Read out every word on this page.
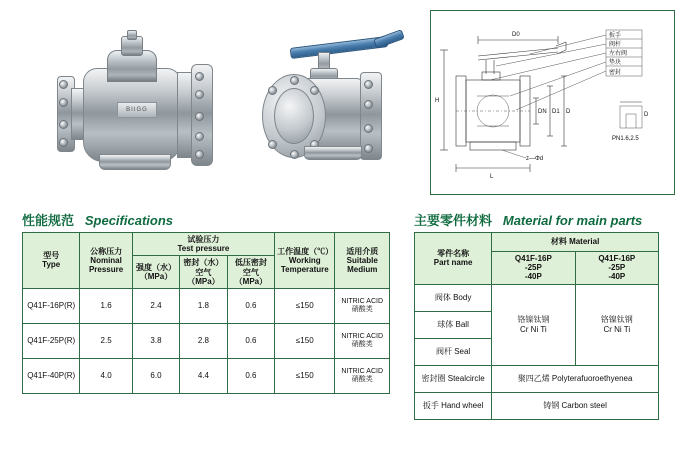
BIIGG
D0
H
DN D1 D
L
z—Φd
扳手
阀杆
左右阀
垫块
密封
D
PN1.6,2.5
性能规范 Specifications	主要零件材料 Material for main parts
型号
Type	公称压力
Nominal
Pressure	试验压力
Test pressure			工作温度（℃）
Working
Temperature	适用介质
Suitable
Medium

		强度（水）
（MPa）	密封（水）
空气（MPa）	低压密封
空气（MPa）		

Q41F-16P(R)	1.6	2.4	1.8	0.6	≤150	NITRIC ACID
硝酸类

Q41F-25P(R)	2.5	3.8	2.8	0.6	≤150	NITRIC ACID
硝酸类

Q41F-40P(R)	4.0	6.0	4.4	0.6	≤150	NITRIC ACID
硝酸类
零件名称
Part name	材料 Material	

	Q41F-16P
-25P
-40P	Q41F-16P
-25P
-40P

阀体 Body	铬镍钛钢
Cr Ni Ti	铬镍钛钢
Cr Ni Ti

球体 Ball		
阀杆 Seal		
密封圈 Stealcircle	聚四乙烯 Polyterafuoroethyenea	
扳手 Hand wheel	铸钢 Carbon steel	
